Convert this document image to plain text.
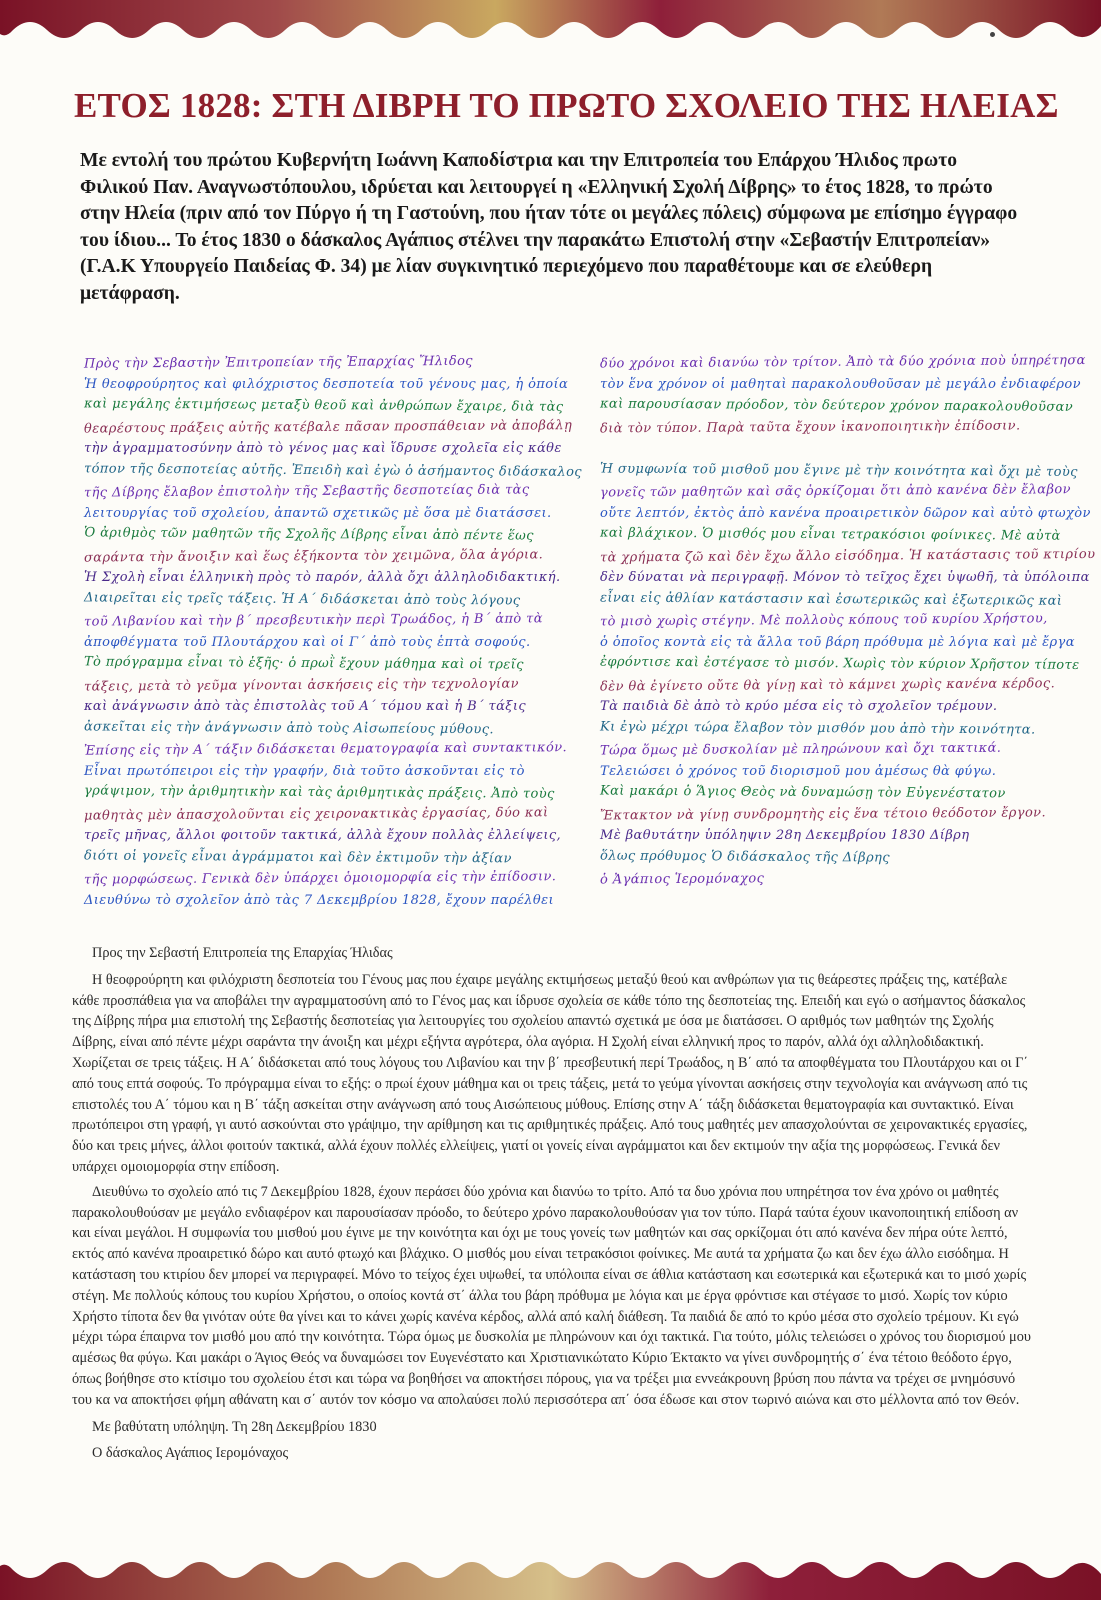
ΕΤΟΣ 1828: ΣΤΗ ΔΙΒΡΗ ΤΟ ΠΡΩΤΟ ΣΧΟΛΕΙΟ ΤΗΣ ΗΛΕΙΑΣ

Με εντολή του πρώτου Κυβερνήτη Ιωάννη Καποδίστρια και την Επιτροπεία του Επάρχου Ήλιδος πρωτο Φιλικού Παν. Αναγνωστόπουλου, ιδρύεται και λειτουργεί η «Ελληνική Σχολή Δίβρης» το έτος 1828, το πρώτο στην Ηλεία (πριν από τον Πύργο ή τη Γαστούνη, που ήταν τότε οι μεγάλες πόλεις) σύμφωνα με επίσημο έγγραφο του ίδιου... Το έτος 1830 ο δάσκαλος Αγάπιος στέλνει την παρακάτω Επιστολή στην «Σεβαστήν Επιτροπείαν» (Γ.Α.Κ Υπουργείο Παιδείας Φ. 34) με λίαν συγκινητικό περιεχόμενο που παραθέτουμε και σε ελεύθερη μετάφραση.

Πρὸς τὴν Σεβαστὴν Ἐπιτροπείαν τῆς Ἐπαρχίας Ἤλιδος
Ἡ θεοφρούρητος καὶ φιλόχριστος δεσποτεία τοῦ γένους μας, ἡ ὁποία
καὶ μεγάλης ἐκτιμήσεως μεταξὺ θεοῦ καὶ ἀνθρώπων ἔχαιρε, διὰ τὰς
θεαρέστους πράξεις αὐτῆς κατέβαλε πᾶσαν προσπάθειαν νὰ ἀποβάλῃ
τὴν ἀγραμματοσύνην ἀπὸ τὸ γένος μας καὶ ἵδρυσε σχολεῖα εἰς κάθε
τόπον τῆς δεσποτείας αὐτῆς. Ἐπειδὴ καὶ ἐγὼ ὁ ἀσήμαντος διδάσκαλος
τῆς Δίβρης ἔλαβον ἐπιστολὴν τῆς Σεβαστῆς δεσποτείας διὰ τὰς
λειτουργίας τοῦ σχολείου, ἀπαντῶ σχετικῶς μὲ ὅσα μὲ διατάσσει.
Ὁ ἀριθμὸς τῶν μαθητῶν τῆς Σχολῆς Δίβρης εἶναι ἀπὸ πέντε ἕως
σαράντα τὴν ἄνοιξιν καὶ ἕως ἑξήκοντα τὸν χειμῶνα, ὅλα ἀγόρια.
Ἡ Σχολὴ εἶναι ἑλληνικὴ πρὸς τὸ παρόν, ἀλλὰ ὄχι ἀλληλοδιδακτική.
Διαιρεῖται εἰς τρεῖς τάξεις. Ἡ Α΄ διδάσκεται ἀπὸ τοὺς λόγους
τοῦ Λιβανίου καὶ τὴν β΄ πρεσβευτικὴν περὶ Τρωάδος, ἡ Β΄ ἀπὸ τὰ
ἀποφθέγματα τοῦ Πλουτάρχου καὶ οἱ Γ΄ ἀπὸ τοὺς ἑπτὰ σοφούς.
Τὸ πρόγραμμα εἶναι τὸ ἑξῆς· ὁ πρωῒ ἔχουν μάθημα καὶ οἱ τρεῖς
τάξεις, μετὰ τὸ γεῦμα γίνονται ἀσκήσεις εἰς τὴν τεχνολογίαν
καὶ ἀνάγνωσιν ἀπὸ τὰς ἐπιστολὰς τοῦ Α΄ τόμου καὶ ἡ Β΄ τάξις
ἀσκεῖται εἰς τὴν ἀνάγνωσιν ἀπὸ τοὺς Αἰσωπείους μύθους.
Ἐπίσης εἰς τὴν Α΄ τάξιν διδάσκεται θεματογραφία καὶ συντακτικόν.
Εἶναι πρωτόπειροι εἰς τὴν γραφήν, διὰ τοῦτο ἀσκοῦνται εἰς τὸ
γράψιμον, τὴν ἀριθμητικὴν καὶ τὰς ἀριθμητικὰς πράξεις. Ἀπὸ τοὺς
μαθητὰς μὲν ἀπασχολοῦνται εἰς χειρονακτικὰς ἐργασίας, δύο καὶ
τρεῖς μῆνας, ἄλλοι φοιτοῦν τακτικά, ἀλλὰ ἔχουν πολλὰς ἐλλείψεις,
διότι οἱ γονεῖς εἶναι ἀγράμματοι καὶ δὲν ἐκτιμοῦν τὴν ἀξίαν
τῆς μορφώσεως. Γενικὰ δὲν ὑπάρχει ὁμοιομορφία εἰς τὴν ἐπίδοσιν.
Διευθύνω τὸ σχολεῖον ἀπὸ τὰς 7 Δεκεμβρίου 1828, ἔχουν παρέλθει
δύο χρόνοι καὶ διανύω τὸν τρίτον. Ἀπὸ τὰ δύο χρόνια ποὺ ὑπηρέτησα
τὸν ἕνα χρόνον οἱ μαθηταὶ παρακολουθοῦσαν μὲ μεγάλο ἐνδιαφέρον
καὶ παρουσίασαν πρόοδον, τὸν δεύτερον χρόνον παρακολουθοῦσαν
διὰ τὸν τύπον. Παρὰ ταῦτα ἔχουν ἱκανοποιητικὴν ἐπίδοσιν.
Ἡ συμφωνία τοῦ μισθοῦ μου ἔγινε μὲ τὴν κοινότητα καὶ ὄχι μὲ τοὺς
γονεῖς τῶν μαθητῶν καὶ σᾶς ὁρκίζομαι ὅτι ἀπὸ κανένα δὲν ἔλαβον
οὔτε λεπτόν, ἐκτὸς ἀπὸ κανένα προαιρετικὸν δῶρον καὶ αὐτὸ φτωχὸν
καὶ βλάχικον. Ὁ μισθός μου εἶναι τετρακόσιοι φοίνικες. Μὲ αὐτὰ
τὰ χρήματα ζῶ καὶ δὲν ἔχω ἄλλο εἰσόδημα. Ἡ κατάστασις τοῦ κτιρίου
δὲν δύναται νὰ περιγραφῇ. Μόνον τὸ τεῖχος ἔχει ὑψωθῆ, τὰ ὑπόλοιπα
εἶναι εἰς ἀθλίαν κατάστασιν καὶ ἐσωτερικῶς καὶ ἐξωτερικῶς καὶ
τὸ μισὸ χωρὶς στέγην. Μὲ πολλοὺς κόπους τοῦ κυρίου Χρήστου,
ὁ ὁποῖος κοντὰ εἰς τὰ ἄλλα τοῦ βάρη πρόθυμα μὲ λόγια καὶ μὲ ἔργα
ἐφρόντισε καὶ ἐστέγασε τὸ μισόν. Χωρὶς τὸν κύριον Χρῆστον τίποτε
δὲν θὰ ἐγίνετο οὔτε θὰ γίνῃ καὶ τὸ κάμνει χωρὶς κανένα κέρδος.
Τὰ παιδιὰ δὲ ἀπὸ τὸ κρύο μέσα εἰς τὸ σχολεῖον τρέμουν.
Κι ἐγὼ μέχρι τώρα ἔλαβον τὸν μισθόν μου ἀπὸ τὴν κοινότητα.
Τώρα ὅμως μὲ δυσκολίαν μὲ πληρώνουν καὶ ὄχι τακτικά.
Τελειώσει ὁ χρόνος τοῦ διορισμοῦ μου ἀμέσως θὰ φύγω.
Καὶ μακάρι ὁ Ἅγιος Θεὸς νὰ δυναμώσῃ τὸν Εὐγενέστατον
Ἔκτακτον νὰ γίνῃ συνδρομητὴς εἰς ἕνα τέτοιο θεόδοτον ἔργον.
Μὲ βαθυτάτην ὑπόληψιν 28η Δεκεμβρίου 1830 Δίβρη
ὅλως πρόθυμος Ὁ διδάσκαλος τῆς Δίβρης
ὁ Ἀγάπιος Ἱερομόναχος

Προς την Σεβαστή Επιτροπεία της Επαρχίας Ήλιδας

Η θεοφρούρητη και φιλόχριστη δεσποτεία του Γένους μας που έχαιρε μεγάλης εκτιμήσεως μεταξύ θεού και ανθρώπων για τις θεάρεστες πράξεις της, κατέβαλε κάθε προσπάθεια για να αποβάλει την αγραμματοσύνη από το Γένος μας και ίδρυσε σχολεία σε κάθε τόπο της δεσποτείας της. Επειδή και εγώ ο ασήμαντος δάσκαλος της Δίβρης πήρα μια επιστολή της Σεβαστής δεσποτείας για λειτουργίες του σχολείου απαντώ σχετικά με όσα με διατάσσει. Ο αριθμός των μαθητών της Σχολής Δίβρης, είναι από πέντε μέχρι σαράντα την άνοιξη και μέχρι εξήντα αγρότερα, όλα αγόρια. Η Σχολή είναι ελληνική προς το παρόν, αλλά όχι αλληλοδιδακτική. Χωρίζεται σε τρεις τάξεις. Η Α΄ διδάσκεται από τους λόγους του Λιβανίου και την β΄ πρεσβευτική περί Τρωάδος, η Β΄ από τα αποφθέγματα του Πλουτάρχου και οι Γ΄ από τους επτά σοφούς. Το πρόγραμμα είναι το εξής: ο πρωί έχουν μάθημα και οι τρεις τάξεις, μετά το γεύμα γίνονται ασκήσεις στην τεχνολογία και ανάγνωση από τις επιστολές του Α΄ τόμου και η Β΄ τάξη ασκείται στην ανάγνωση από τους Αισώπειους μύθους. Επίσης στην Α΄ τάξη διδάσκεται θεματογραφία και συντακτικό. Είναι πρωτόπειροι στη γραφή, γι αυτό ασκούνται στο γράψιμο, την αρίθμηση και τις αριθμητικές πράξεις. Από τους μαθητές μεν απασχολούνται σε χειρονακτικές εργασίες, δύο και τρεις μήνες, άλλοι φοιτούν τακτικά, αλλά έχουν πολλές ελλείψεις, γιατί οι γονείς είναι αγράμματοι και δεν εκτιμούν την αξία της μορφώσεως. Γενικά δεν υπάρχει ομοιομορφία στην επίδοση.

Διευθύνω το σχολείο από τις 7 Δεκεμβρίου 1828, έχουν περάσει δύο χρόνια και διανύω το τρίτο. Από τα δυο χρόνια που υπηρέτησα τον ένα χρόνο οι μαθητές παρακολουθούσαν με μεγάλο ενδιαφέρον και παρουσίασαν πρόοδο, το δεύτερο χρόνο παρακολουθούσαν για τον τύπο. Παρά ταύτα έχουν ικανοποιητική επίδοση αν και είναι μεγάλοι. Η συμφωνία του μισθού μου έγινε με την κοινότητα και όχι με τους γονείς των μαθητών και σας ορκίζομαι ότι από κανένα δεν πήρα ούτε λεπτό, εκτός από κανένα προαιρετικό δώρο και αυτό φτωχό και βλάχικο. Ο μισθός μου είναι τετρακόσιοι φοίνικες. Με αυτά τα χρήματα ζω και δεν έχω άλλο εισόδημα. Η κατάσταση του κτιρίου δεν μπορεί να περιγραφεί. Μόνο το τείχος έχει υψωθεί, τα υπόλοιπα είναι σε άθλια κατάσταση και εσωτερικά και εξωτερικά και το μισό χωρίς στέγη. Με πολλούς κόπους του κυρίου Χρήστου, ο οποίος κοντά στ΄ άλλα του βάρη πρόθυμα με λόγια και με έργα φρόντισε και στέγασε το μισό. Χωρίς τον κύριο Χρήστο τίποτα δεν θα γινόταν ούτε θα γίνει και το κάνει χωρίς κανένα κέρδος, αλλά από καλή διάθεση. Τα παιδιά δε από το κρύο μέσα στο σχολείο τρέμουν. Κι εγώ μέχρι τώρα έπαιρνα τον μισθό μου από την κοινότητα. Τώρα όμως με δυσκολία με πληρώνουν και όχι τακτικά. Για τούτο, μόλις τελειώσει ο χρόνος του διορισμού μου αμέσως θα φύγω. Και μακάρι ο Άγιος Θεός να δυναμώσει τον Ευγενέστατο και Χριστιανικώτατο Κύριο Έκτακτο να γίνει συνδρομητής σ΄ ένα τέτοιο θεόδοτο έργο, όπως βοήθησε στο κτίσιμο του σχολείου έτσι και τώρα να βοηθήσει να αποκτήσει πόρους, για να τρέξει μια εννεάκρουνη βρύση που πάντα να τρέχει σε μνημόσυνό του κα να αποκτήσει φήμη αθάνατη και σ΄ αυτόν τον κόσμο να απολαύσει πολύ περισσότερα απ΄ όσα έδωσε και στον τωρινό αιώνα και στο μέλλοντα από τον Θεόν.

Με βαθύτατη υπόληψη. Τη 28η Δεκεμβρίου 1830

Ο δάσκαλος Αγάπιος Ιερομόναχος
